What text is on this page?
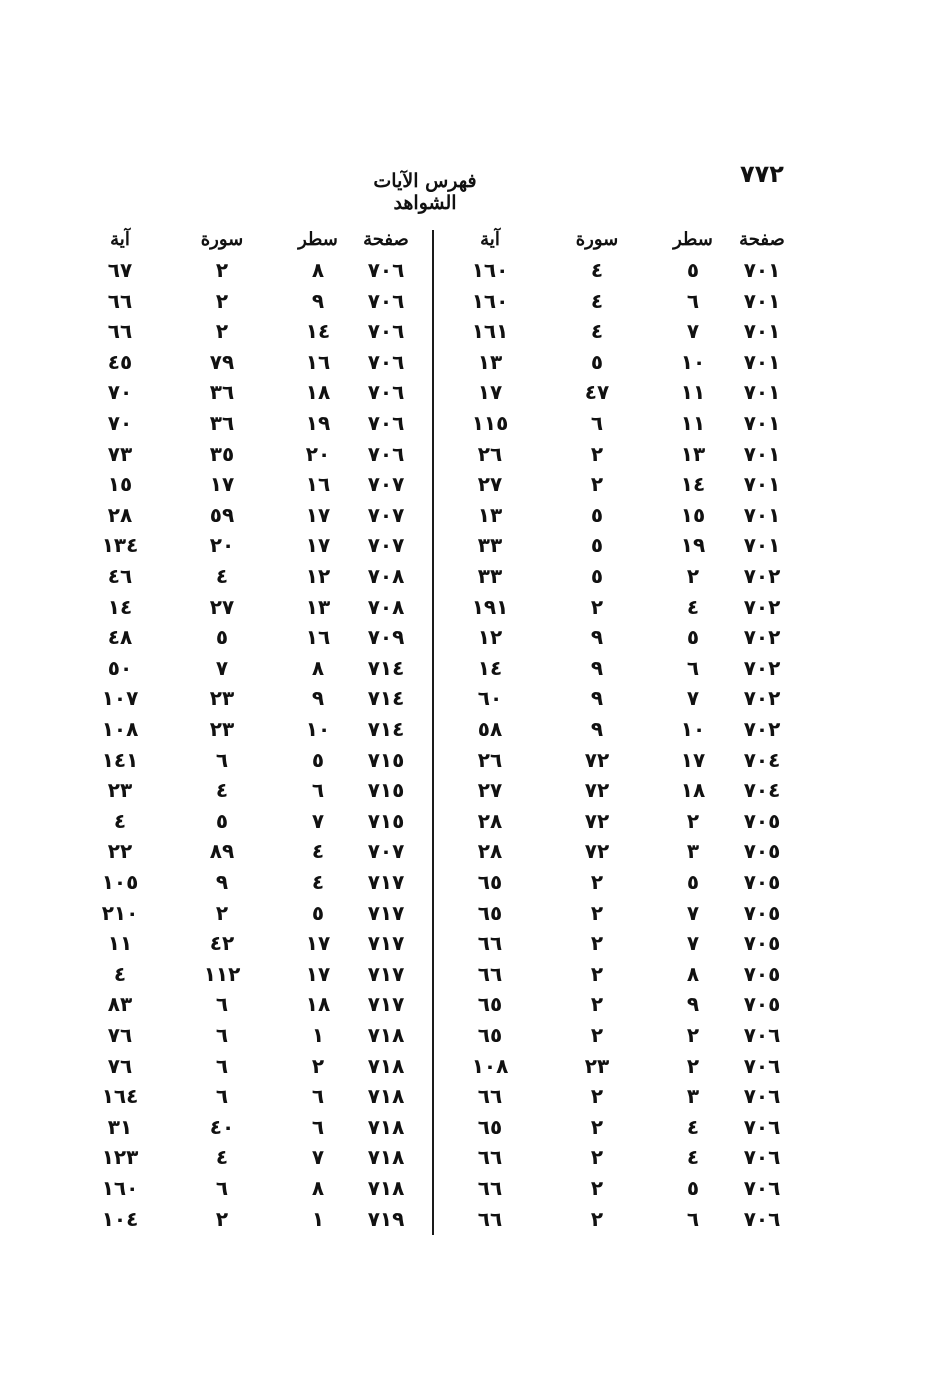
٧٧٢
فهرس الآيات الشواهد
صفحة
سطر
سورة
آية
٧٠١
٥
٤
١٦٠
٧٠١
٦
٤
١٦٠
٧٠١
٧
٤
١٦١
٧٠١
١٠
٥
١٣
٧٠١
١١
٤٧
١٧
٧٠١
١١
٦
١١٥
٧٠١
١٣
٢
٢٦
٧٠١
١٤
٢
٢٧
٧٠١
١٥
٥
١٣
٧٠١
١٩
٥
٣٣
٧٠٢
٢
٥
٣٣
٧٠٢
٤
٢
١٩١
٧٠٢
٥
٩
١٢
٧٠٢
٦
٩
١٤
٧٠٢
٧
٩
٦٠
٧٠٢
١٠
٩
٥٨
٧٠٤
١٧
٧٢
٢٦
٧٠٤
١٨
٧٢
٢٧
٧٠٥
٢
٧٢
٢٨
٧٠٥
٣
٧٢
٢٨
٧٠٥
٥
٢
٦٥
٧٠٥
٧
٢
٦٥
٧٠٥
٧
٢
٦٦
٧٠٥
٨
٢
٦٦
٧٠٥
٩
٢
٦٥
٧٠٦
٢
٢
٦٥
٧٠٦
٢
٢٣
١٠٨
٧٠٦
٣
٢
٦٦
٧٠٦
٤
٢
٦٥
٧٠٦
٤
٢
٦٦
٧٠٦
٥
٢
٦٦
٧٠٦
٦
٢
٦٦
صفحة
سطر
سورة
آية
٧٠٦
٨
٢
٦٧
٧٠٦
٩
٢
٦٦
٧٠٦
١٤
٢
٦٦
٧٠٦
١٦
٧٩
٤٥
٧٠٦
١٨
٣٦
٧٠
٧٠٦
١٩
٣٦
٧٠
٧٠٦
٢٠
٣٥
٧٣
٧٠٧
١٦
١٧
١٥
٧٠٧
١٧
٥٩
٢٨
٧٠٧
١٧
٢٠
١٣٤
٧٠٨
١٢
٤
٤٦
٧٠٨
١٣
٢٧
١٤
٧٠٩
١٦
٥
٤٨
٧١٤
٨
٧
٥٠
٧١٤
٩
٢٣
١٠٧
٧١٤
١٠
٢٣
١٠٨
٧١٥
٥
٦
١٤١
٧١٥
٦
٤
٢٣
٧١٥
٧
٥
٤
٧٠٧
٤
٨٩
٢٢
٧١٧
٤
٩
١٠٥
٧١٧
٥
٢
٢١٠
٧١٧
١٧
٤٢
١١
٧١٧
١٧
١١٢
٤
٧١٧
١٨
٦
٨٣
٧١٨
١
٦
٧٦
٧١٨
٢
٦
٧٦
٧١٨
٦
٦
١٦٤
٧١٨
٦
٤٠
٣١
٧١٨
٧
٤
١٢٣
٧١٨
٨
٦
١٦٠
٧١٩
١
٢
١٠٤
